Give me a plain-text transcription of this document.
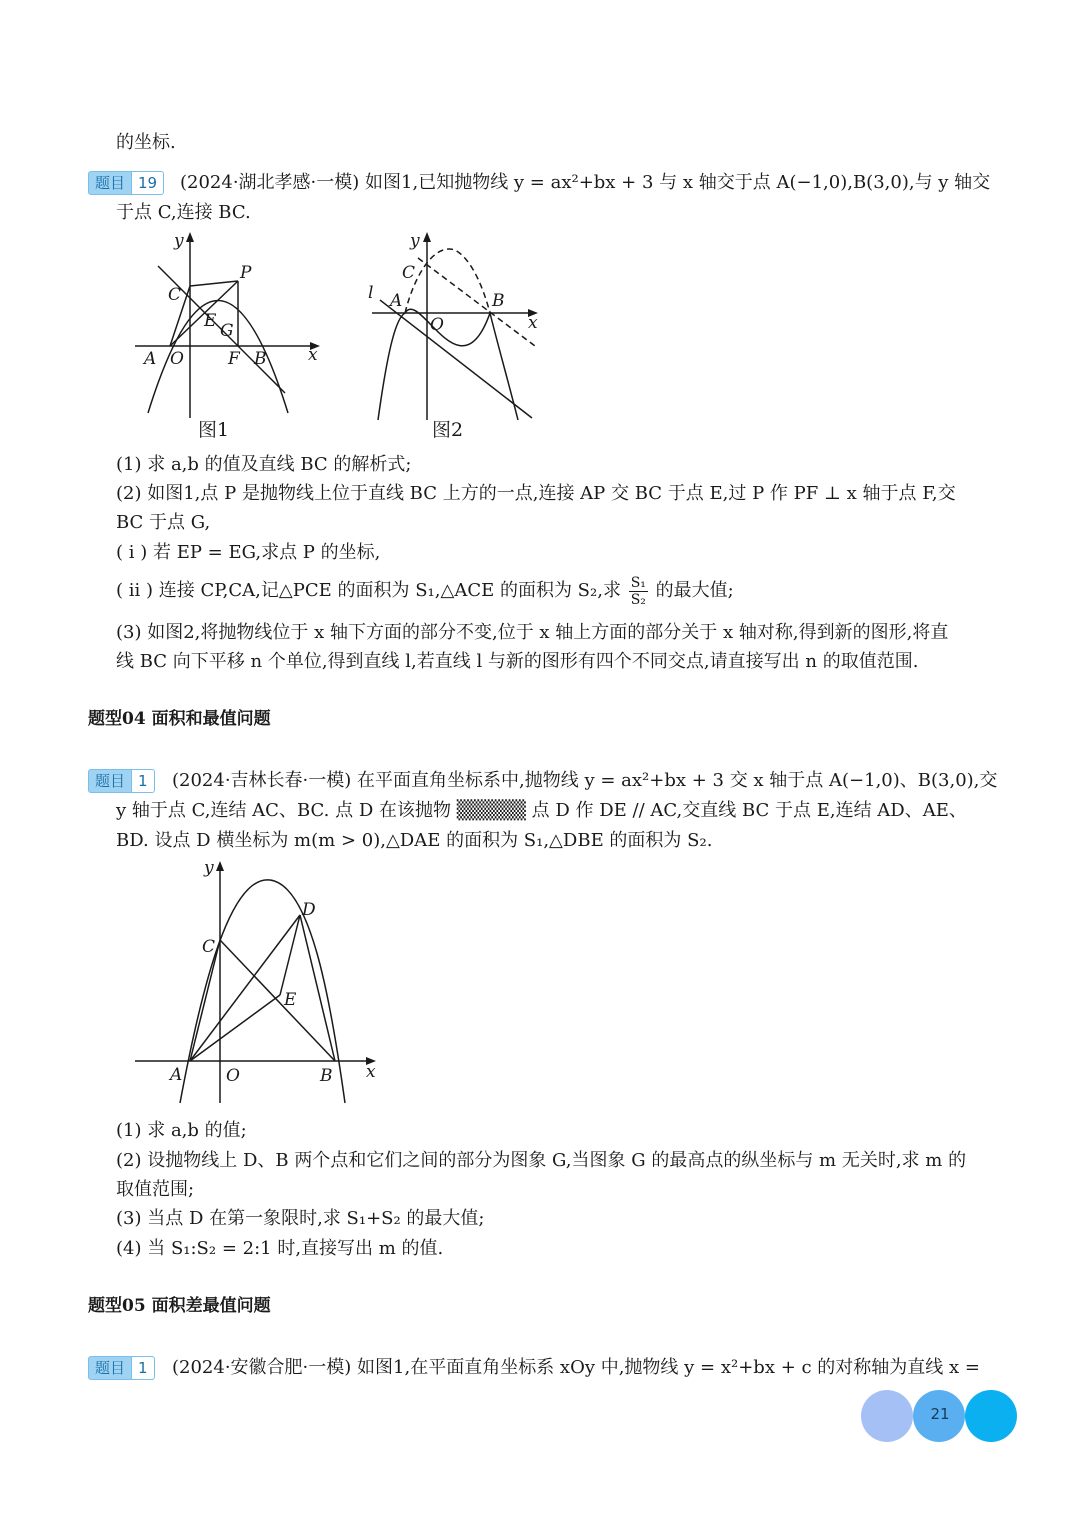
的坐标.
题目 19	(2024·湖北孝感·一模) 如图1,已知抛物线 y = ax²+bx + 3 与 x 轴交于点 A(−1,0),B(3,0),与 y 轴交
于点 C,连接 BC.
y
C
P
E G
A O	F B x
图1
y
C
l A	B
O	x
图2
(1) 求 a,b 的值及直线 BC 的解析式;
(2) 如图1,点 P 是抛物线上位于直线 BC 上方的一点,连接 AP 交 BC 于点 E,过 P 作 PF ⊥ x 轴于点 F,交
BC 于点 G,
( i ) 若 EP = EG,求点 P 的坐标,
( ii ) 连接 CP,CA,记△PCE 的面积为 S₁,△ACE 的面积为 S₂,求 $\frac{\text{S₁}}{\text{S₂}}$ 的最大值;
(3) 如图2,将抛物线位于 x 轴下方面的部分不变,位于 x 轴上方面的部分关于 x 轴对称,得到新的图形,将直
线 BC 向下平移 n 个单位,得到直线 l,若直线 l 与新的图形有四个不同交点,请直接写出 n 的取值范围.
题型04 面积和最值问题
题目 1	(2024·吉林长春·一模) 在平面直角坐标系中,抛物线 y = ax²+bx + 3 交 x 轴于点 A(−1,0)、B(3,0),交
y 轴于点 C,连结 AC、BC. 点 D 在该抛物 ▒▒▒▒▒ 点 D 作 DE // AC,交直线 BC 于点 E,连结 AD、AE、
BD. 设点 D 横坐标为 m(m > 0),△DAE 的面积为 S₁,△DBE 的面积为 S₂.
y
D
C
E
A	O	B x
(1) 求 a,b 的值;
(2) 设抛物线上 D、B 两个点和它们之间的部分为图象 G,当图象 G 的最高点的纵坐标与 m 无关时,求 m 的
取值范围;
(3) 当点 D 在第一象限时,求 S₁+S₂ 的最大值;
(4) 当 S₁:S₂ = 2:1 时,直接写出 m 的值.
题型05 面积差最值问题
题目 1	(2024·安徽合肥·一模) 如图1,在平面直角坐标系 xOy 中,抛物线 y = x²+bx + c 的对称轴为直线 x =
21
